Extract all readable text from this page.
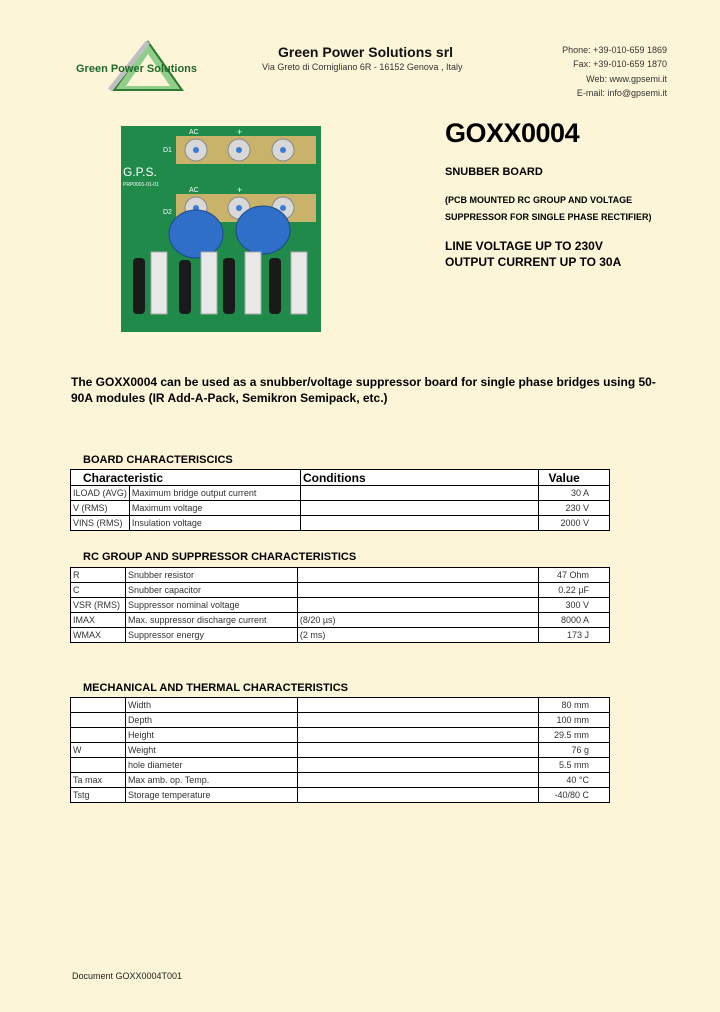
Green Power Solutions
Green Power Solutions srl
Via Greto di Cornigliano 6R - 16152 Genova , Italy
Phone: +39-010-659 1869
Fax: +39-010-659 1870
Web: www.gpsemi.it
E-mail: info@gpsemi.it
AC	+
D1
G.P.S.
PRP0001-01-01
AC	+
D2
GOXX0004
SNUBBER BOARD
(PCB MOUNTED RC GROUP AND VOLTAGE
SUPPRESSOR FOR SINGLE PHASE RECTIFIER)
LINE VOLTAGE UP TO 230V
OUTPUT CURRENT UP TO 30A
The GOXX0004 can be used as a snubber/voltage suppressor board for single phase bridges using 50-90A modules (IR Add-A-Pack, Semikron Semipack, etc.)
BOARD CHARACTERISCICS
Characteristic		Conditions	Value
ILOAD (AVG)	Maximum bridge output current		30 A
V (RMS)	Maximum voltage		230 V
VINS (RMS)	Insulation voltage		2000 V
RC GROUP AND SUPPRESSOR CHARACTERISTICS
R	Snubber resistor		47 Ohm
C	Snubber capacitor		0.22 µF
VSR (RMS)	Suppressor nominal voltage		300 V
IMAX	Max. suppressor discharge current	(8/20 µs)	8000 A
WMAX	Suppressor energy	(2 ms)	173 J
MECHANICAL AND THERMAL CHARACTERISTICS
	Width		80 mm
	Depth		100 mm
	Height		29.5 mm
W	Weight		76 g
	hole diameter		5.5 mm
Ta max	Max amb. op. Temp.		40 °C
Tstg	Storage temperature		-40/80 C
Document GOXX0004T001
